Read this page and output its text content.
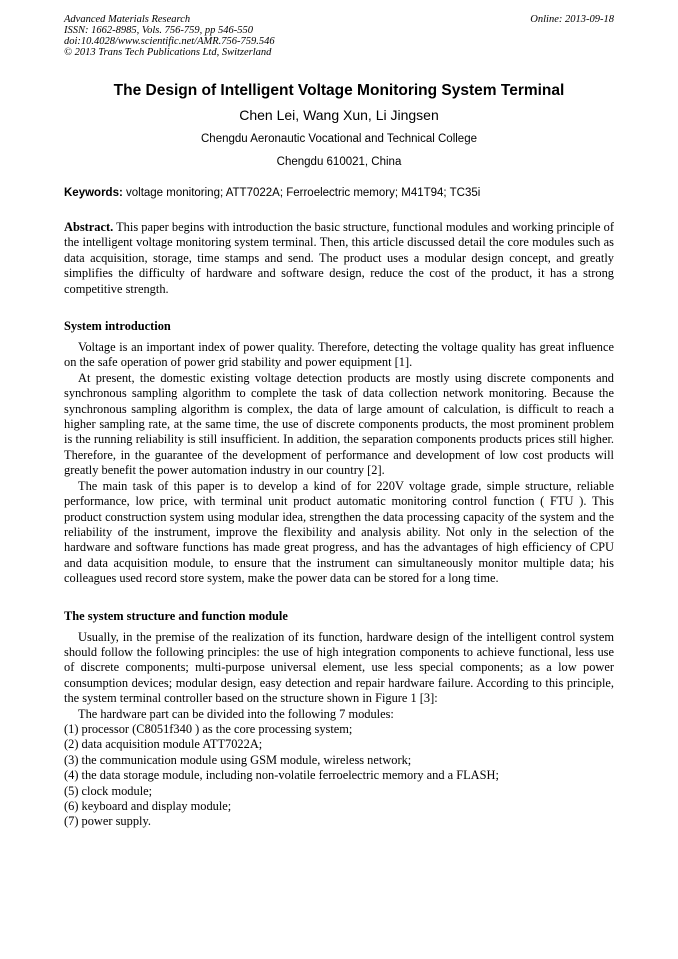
Advanced Materials Research
ISSN: 1662-8985, Vols. 756-759, pp 546-550
doi:10.4028/www.scientific.net/AMR.756-759.546
© 2013 Trans Tech Publications Ltd, Switzerland
Online: 2013-09-18
The Design of Intelligent Voltage Monitoring System Terminal
Chen Lei, Wang Xun, Li Jingsen
Chengdu Aeronautic Vocational and Technical College
Chengdu 610021, China
Keywords: voltage monitoring; ATT7022A; Ferroelectric memory; M41T94; TC35i
Abstract. This paper begins with introduction the basic structure, functional modules and working principle of the intelligent voltage monitoring system terminal. Then, this article discussed detail the core modules such as data acquisition, storage, time stamps and send. The product uses a modular design concept, and greatly simplifies the difficulty of hardware and software design, reduce the cost of the product, it has a strong competitive strength.
System introduction

Voltage is an important index of power quality. Therefore, detecting the voltage quality has great influence on the safe operation of power grid stability and power equipment [1].

At present, the domestic existing voltage detection products are mostly using discrete components and synchronous sampling algorithm to complete the task of data collection network monitoring. Because the synchronous sampling algorithm is complex, the data of large amount of calculation, is difficult to reach a higher sampling rate, at the same time, the use of discrete components products, the most prominent problem is the running reliability is still insufficient. In addition, the separation components products prices still higher. Therefore, in the guarantee of the development of performance and development of low cost products will greatly benefit the power automation industry in our country [2].

The main task of this paper is to develop a kind of for 220V voltage grade, simple structure, reliable performance, low price, with terminal unit product automatic monitoring control function ( FTU ). This product construction system using modular idea, strengthen the data processing capacity of the system and the reliability of the instrument, improve the flexibility and analysis ability. Not only in the selection of the hardware and software functions has made great progress, and has the advantages of high efficiency of CPU and data acquisition module, to ensure that the instrument can simultaneously monitor multiple data; his colleagues used record store system, make the power data can be stored for a long time.

The system structure and function module

Usually, in the premise of the realization of its function, hardware design of the intelligent control system should follow the following principles: the use of high integration components to achieve functional, less use of discrete components; multi-purpose universal element, use less special components; as a low power consumption devices; modular design, easy detection and repair hardware failure. According to this principle, the system terminal controller based on the structure shown in Figure 1 [3]:

The hardware part can be divided into the following 7 modules:

(1) processor (C8051f340 ) as the core processing system;
(2) data acquisition module ATT7022A;
(3) the communication module using GSM module, wireless network;
(4) the data storage module, including non-volatile ferroelectric memory and a FLASH;
(5) clock module;
(6) keyboard and display module;
(7) power supply.
